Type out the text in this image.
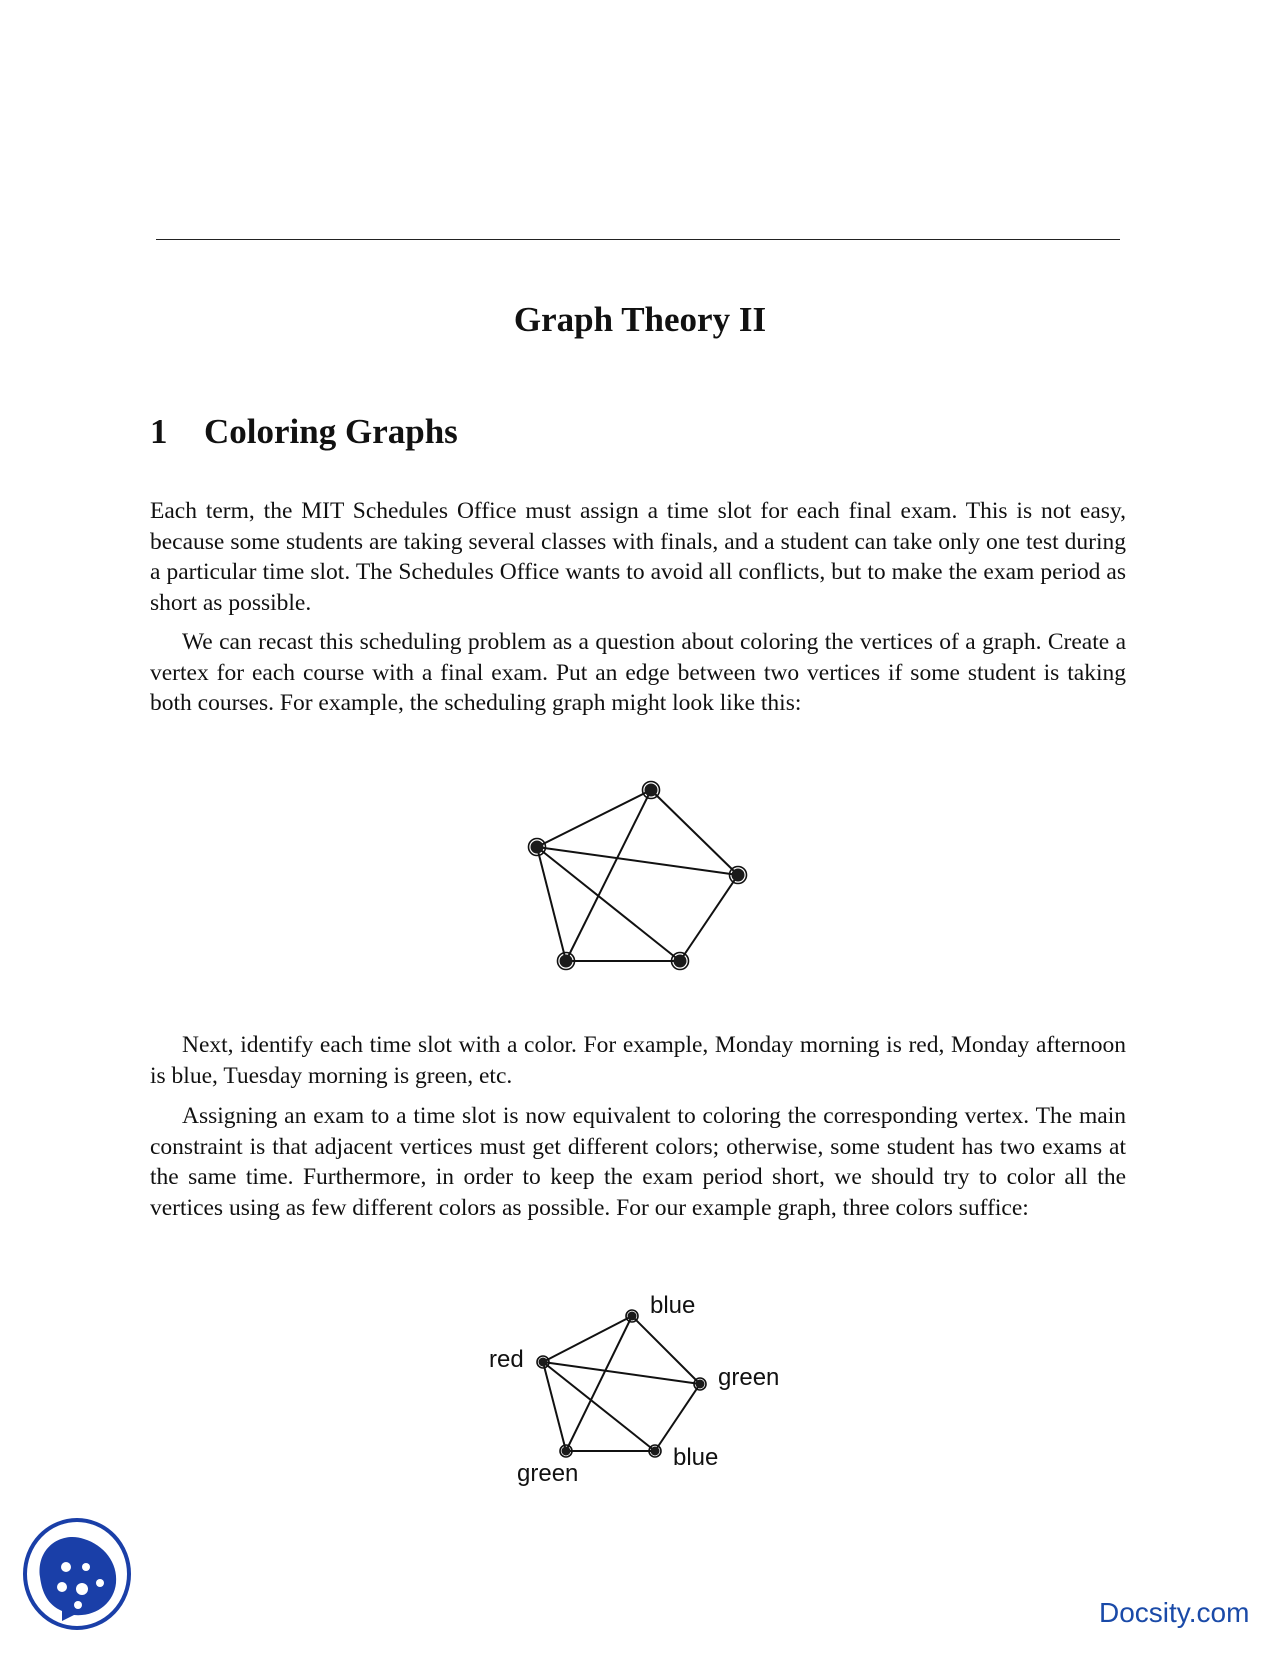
Graph Theory II
1 Coloring Graphs

Each term, the MIT Schedules Office must assign a time slot for each final exam. This is not easy, because some students are taking several classes with finals, and a student can take only one test during a particular time slot. The Schedules Office wants to avoid all conflicts, but to make the exam period as short as possible.

We can recast this scheduling problem as a question about coloring the vertices of a graph. Create a vertex for each course with a final exam. Put an edge between two vertices if some student is taking both courses. For example, the scheduling graph might look like this:

Next, identify each time slot with a color. For example, Monday morning is red, Monday afternoon is blue, Tuesday morning is green, etc.

Assigning an exam to a time slot is now equivalent to coloring the corresponding vertex. The main constraint is that adjacent vertices must get different colors; otherwise, some student has two exams at the same time. Furthermore, in order to keep the exam period short, we should try to color all the vertices using as few different colors as possible. For our example graph, three colors suffice:

blue
red
green
blue
green
Docsity.com
